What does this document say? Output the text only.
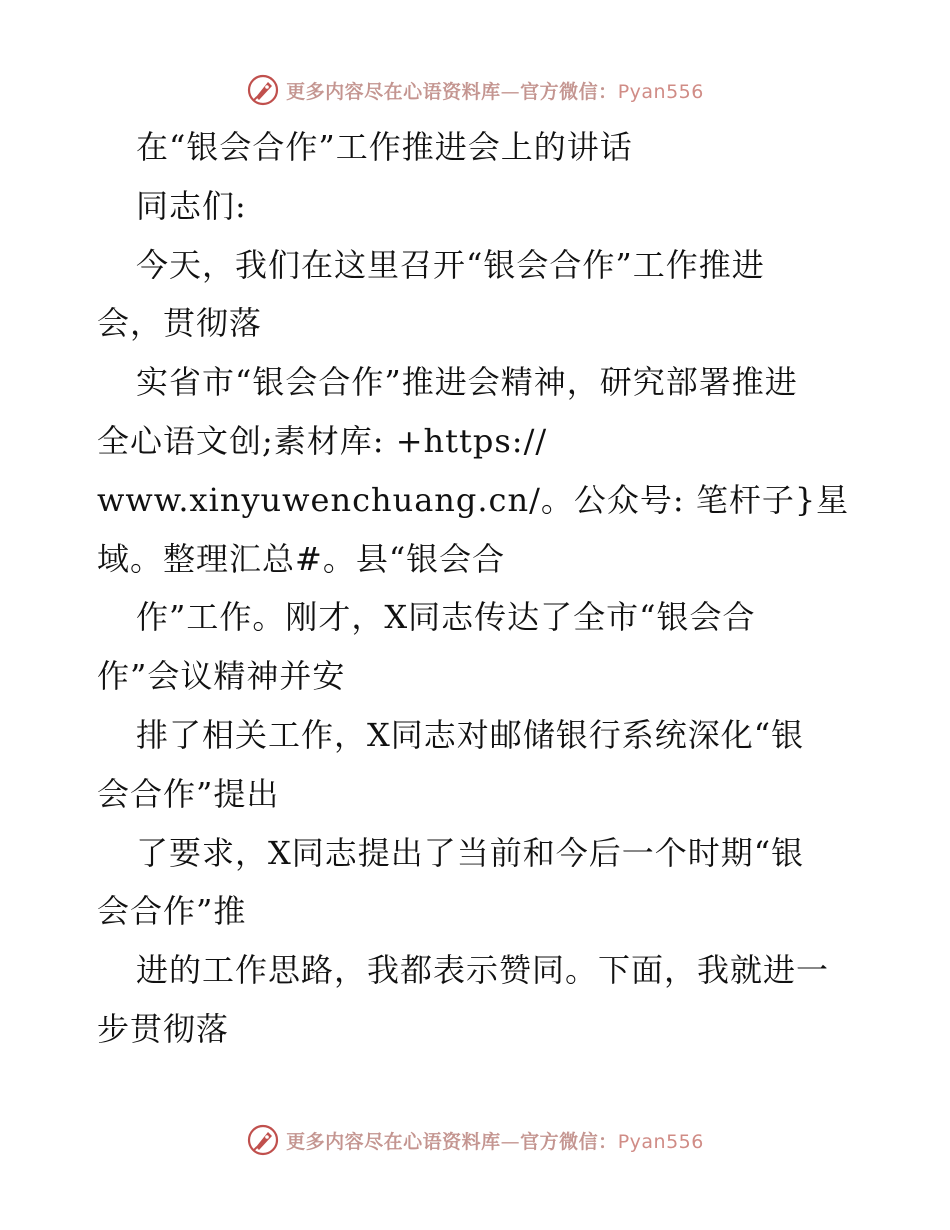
更多内容尽在心语资料库—官方微信：Pyan556
在“银会合作”工作推进会上的讲话
同志们:
今天，我们在这里召开“银会合作”工作推进
会，贯彻落
实省市“银会合作”推进会精神，研究部署推进
全心语文创;素材库: +https://
www.xinyuwenchuang.cn/。公众号: 笔杆子}星
域。整理汇总#。县“银会合
作”工作。刚才，X同志传达了全市“银会合
作”会议精神并安
排了相关工作，X同志对邮储银行系统深化“银
会合作”提出
了要求，X同志提出了当前和今后一个时期“银
会合作”推
进的工作思路，我都表示赞同。下面，我就进一
步贯彻落
更多内容尽在心语资料库—官方微信：Pyan556
